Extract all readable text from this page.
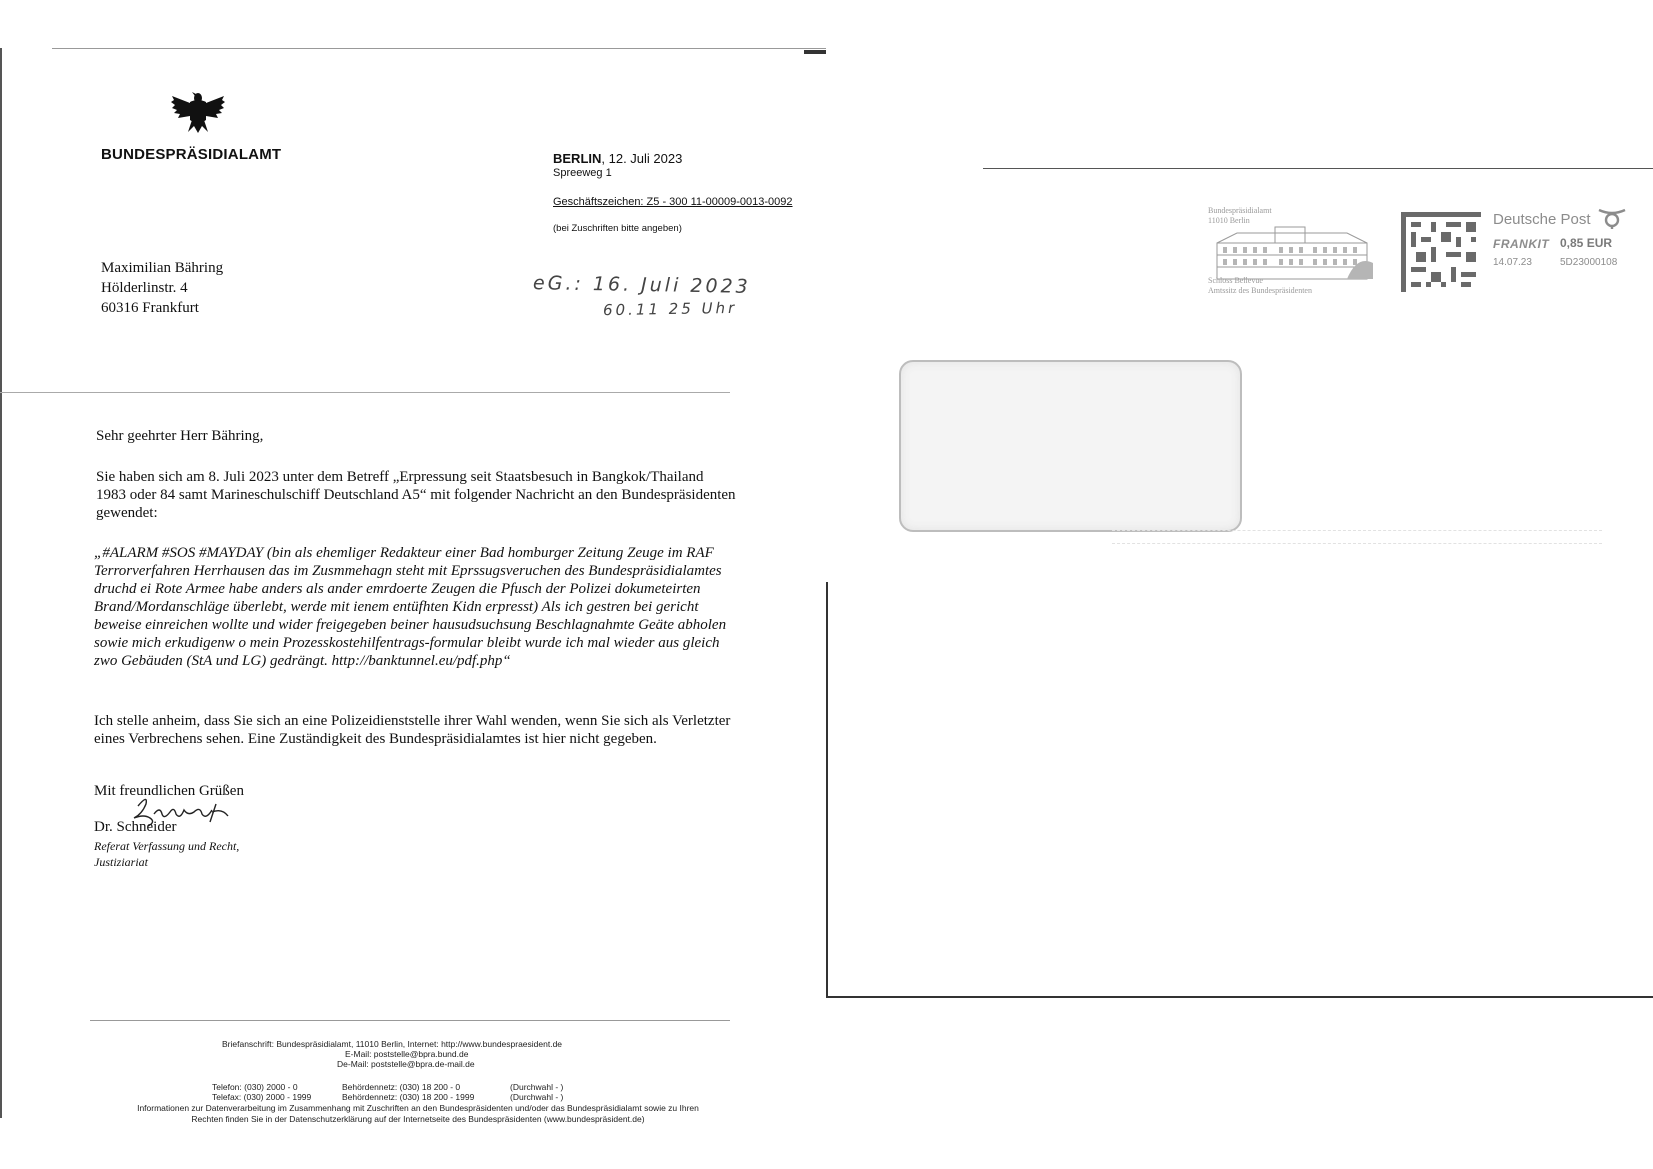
BUNDESPRÄSIDIALAMT	BERLIN, 12. Juli 2023
Spreeweg 1
Geschäftszeichen: Z5 - 300 11-00009-0013-0092
(bei Zuschriften bitte angeben)
Maximilian Bähring
Hölderlinstr. 4
60316 Frankfurt
eG.: 16. Juli 2023
60.11 25 Uhr
Sehr geehrter Herr Bähring,
Sie haben sich am 8. Juli 2023 unter dem Betreff „Erpressung seit Staatsbesuch in Bangkok/Thailand 1983 oder 84 samt Marineschulschiff Deutschland A5“ mit folgender Nachricht an den Bundespräsidenten gewendet:
„#ALARM #SOS #MAYDAY (bin als ehemliger Redakteur einer Bad homburger Zeitung Zeuge im RAF Terrorverfahren Herrhausen das im Zusmmehagn steht mit Eprssugsveruchen des Bundespräsidialamtes druchd ei Rote Armee habe anders als ander emrdoerte Zeugen die Pfusch der Polizei dokumeteirten Brand/Mordanschläge überlebt, werde mit ienem entüfhten Kidn erpresst) Als ich gestren bei gericht beweise einreichen wollte und wider freigegeben beiner hausudsuchsung Beschlagnahmte Geäte abholen sowie mich erkudigenw o mein Prozesskostehilfentrags-formular bleibt wurde ich mal wieder aus gleich zwo Gebäuden (StA und LG) gedrängt. http://banktunnel.eu/pdf.php“
Ich stelle anheim, dass Sie sich an eine Polizeidienststelle ihrer Wahl wenden, wenn Sie sich als Verletzter eines Verbrechens sehen. Eine Zuständigkeit des Bundespräsidialamtes ist hier nicht gegeben.
Mit freundlichen Grüßen
Dr. Schneider
Referat Verfassung und Recht,
Justiziariat
Briefanschrift: Bundespräsidialamt, 11010 Berlin, Internet: http://www.bundespraesident.de
E-Mail: poststelle@bpra.bund.de
De-Mail: poststelle@bpra.de-mail.de
Telefon: (030) 2000 - 0	Behördennetz: (030) 18 200 - 0	(Durchwahl - )
Telefax: (030) 2000 - 1999	Behördennetz: (030) 18 200 - 1999	(Durchwahl - )
Informationen zur Datenverarbeitung im Zusammenhang mit Zuschriften an den Bundespräsidenten und/oder das Bundespräsidialamt sowie zu Ihren
Rechten finden Sie in der Datenschutzerklärung auf der Internetseite des Bundespräsidenten (www.bundespräsident.de)
Bundespräsidialamt
11010 Berlin
Schloss Bellevue
Amtssitz des Bundespräsidenten
Deutsche Post
FRANKIT 0,85 EUR
14.07.23	5D23000108
